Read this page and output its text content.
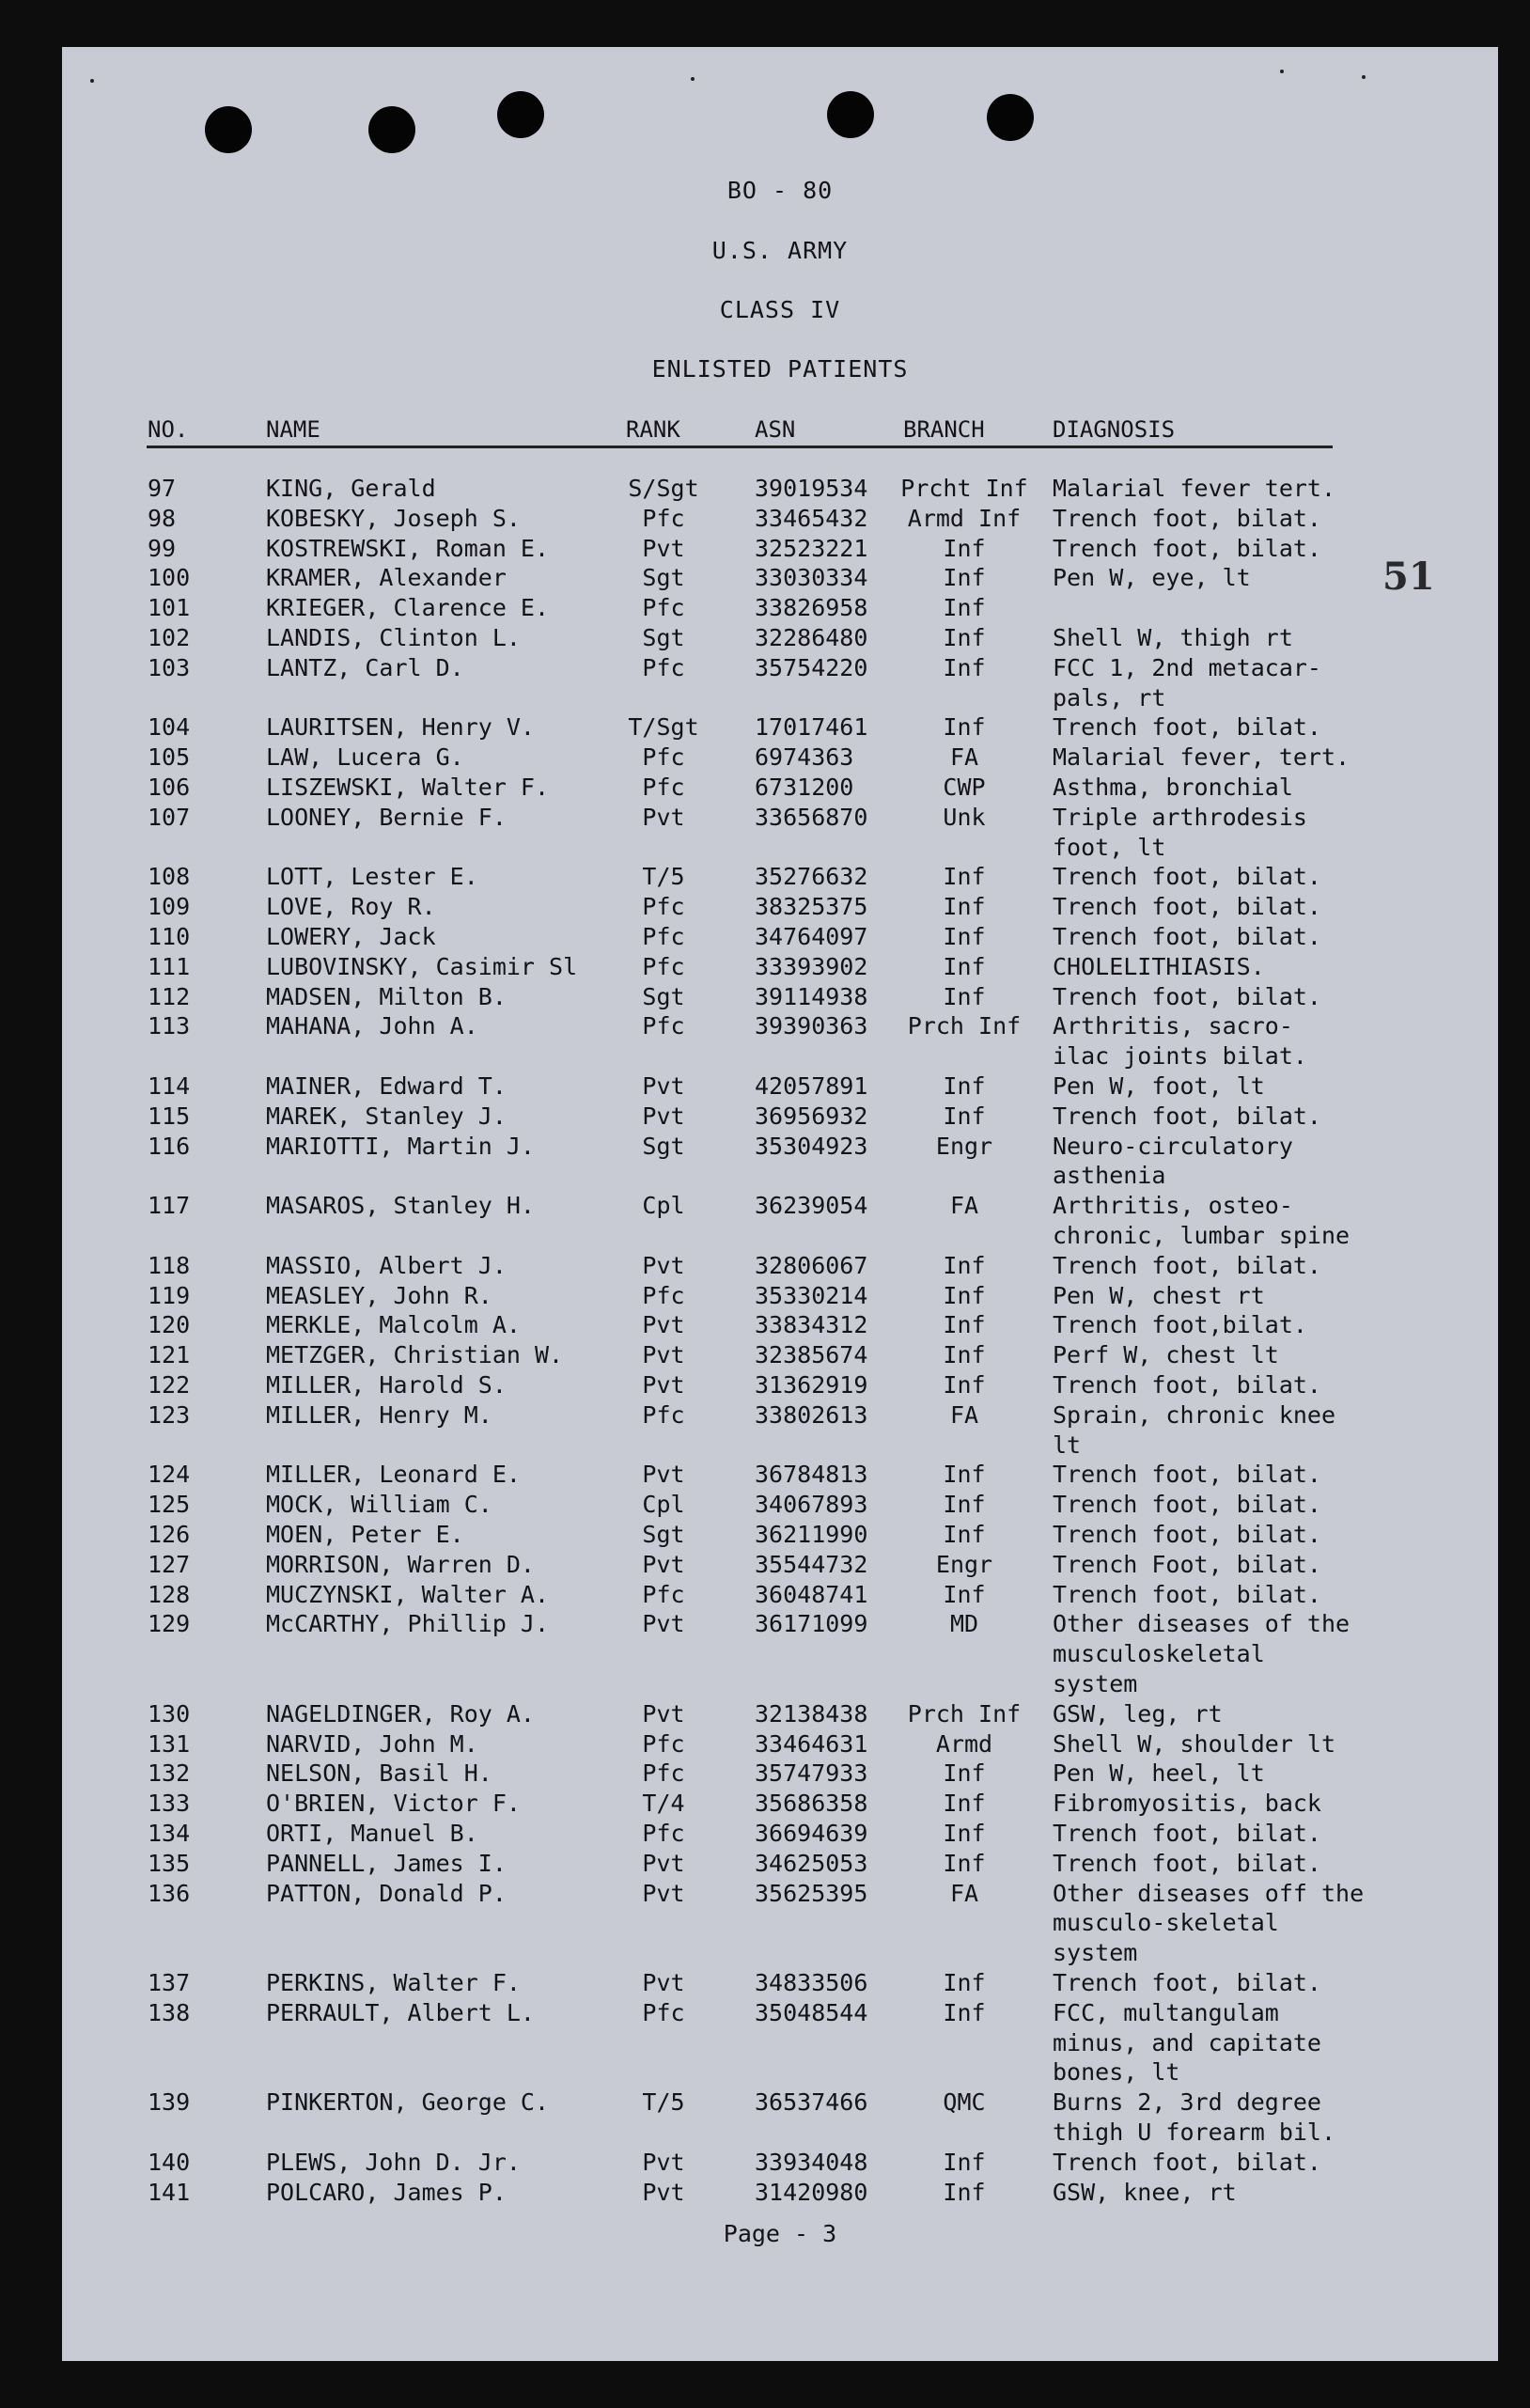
BO - 80
U.S. ARMY
CLASS IV
ENLISTED PATIENTS
51
NO.	NAME	RANK	ASN	BRANCH	DIAGNOSIS
97	KING, Gerald	S/Sgt	39019534	Prcht Inf	Malarial fever tert.
98	KOBESKY, Joseph S.	Pfc	33465432	Armd Inf	Trench foot, bilat.
99	KOSTREWSKI, Roman E.	Pvt	32523221	Inf	Trench foot, bilat.
100	KRAMER, Alexander	Sgt	33030334	Inf	Pen W, eye, lt
101	KRIEGER, Clarence E.	Pfc	33826958	Inf
102	LANDIS, Clinton L.	Sgt	32286480	Inf	Shell W, thigh rt
103	LANTZ, Carl D.	Pfc	35754220	Inf	FCC 1, 2nd metacar-
pals, rt
104	LAURITSEN, Henry V.	T/Sgt	17017461	Inf	Trench foot, bilat.
105	LAW, Lucera G.	Pfc	6974363	FA	Malarial fever, tert.
106	LISZEWSKI, Walter F.	Pfc	6731200	CWP	Asthma, bronchial
107	LOONEY, Bernie F.	Pvt	33656870	Unk	Triple arthrodesis
foot, lt
108	LOTT, Lester E.	T/5	35276632	Inf	Trench foot, bilat.
109	LOVE, Roy R.	Pfc	38325375	Inf	Trench foot, bilat.
110	LOWERY, Jack	Pfc	34764097	Inf	Trench foot, bilat.
111	LUBOVINSKY, Casimir Sl	Pfc	33393902	Inf	CHOLELITHIASIS.
112	MADSEN, Milton B.	Sgt	39114938	Inf	Trench foot, bilat.
113	MAHANA, John A.	Pfc	39390363	Prch Inf	Arthritis, sacro-
ilac joints bilat.
114	MAINER, Edward T.	Pvt	42057891	Inf	Pen W, foot, lt
115	MAREK, Stanley J.	Pvt	36956932	Inf	Trench foot, bilat.
116	MARIOTTI, Martin J.	Sgt	35304923	Engr	Neuro-circulatory
asthenia
117	MASAROS, Stanley H.	Cpl	36239054	FA	Arthritis, osteo-
chronic, lumbar spine
118	MASSIO, Albert J.	Pvt	32806067	Inf	Trench foot, bilat.
119	MEASLEY, John R.	Pfc	35330214	Inf	Pen W, chest rt
120	MERKLE, Malcolm A.	Pvt	33834312	Inf	Trench foot,bilat.
121	METZGER, Christian W.	Pvt	32385674	Inf	Perf W, chest lt
122	MILLER, Harold S.	Pvt	31362919	Inf	Trench foot, bilat.
123	MILLER, Henry M.	Pfc	33802613	FA	Sprain, chronic knee
lt
124	MILLER, Leonard E.	Pvt	36784813	Inf	Trench foot, bilat.
125	MOCK, William C.	Cpl	34067893	Inf	Trench foot, bilat.
126	MOEN, Peter E.	Sgt	36211990	Inf	Trench foot, bilat.
127	MORRISON, Warren D.	Pvt	35544732	Engr	Trench Foot, bilat.
128	MUCZYNSKI, Walter A.	Pfc	36048741	Inf	Trench foot, bilat.
129	McCARTHY, Phillip J.	Pvt	36171099	MD	Other diseases of the
musculoskeletal
system
130	NAGELDINGER, Roy A.	Pvt	32138438	Prch Inf	GSW, leg, rt
131	NARVID, John M.	Pfc	33464631	Armd	Shell W, shoulder lt
132	NELSON, Basil H.	Pfc	35747933	Inf	Pen W, heel, lt
133	O'BRIEN, Victor F.	T/4	35686358	Inf	Fibromyositis, back
134	ORTI, Manuel B.	Pfc	36694639	Inf	Trench foot, bilat.
135	PANNELL, James I.	Pvt	34625053	Inf	Trench foot, bilat.
136	PATTON, Donald P.	Pvt	35625395	FA	Other diseases off the
musculo-skeletal
system
137	PERKINS, Walter F.	Pvt	34833506	Inf	Trench foot, bilat.
138	PERRAULT, Albert L.	Pfc	35048544	Inf	FCC, multangulam
minus, and capitate
bones, lt
139	PINKERTON, George C.	T/5	36537466	QMC	Burns 2, 3rd degree
thigh U forearm bil.
140	PLEWS, John D. Jr.	Pvt	33934048	Inf	Trench foot, bilat.
141	POLCARO, James P.	Pvt	31420980	Inf	GSW, knee, rt
Page - 3
